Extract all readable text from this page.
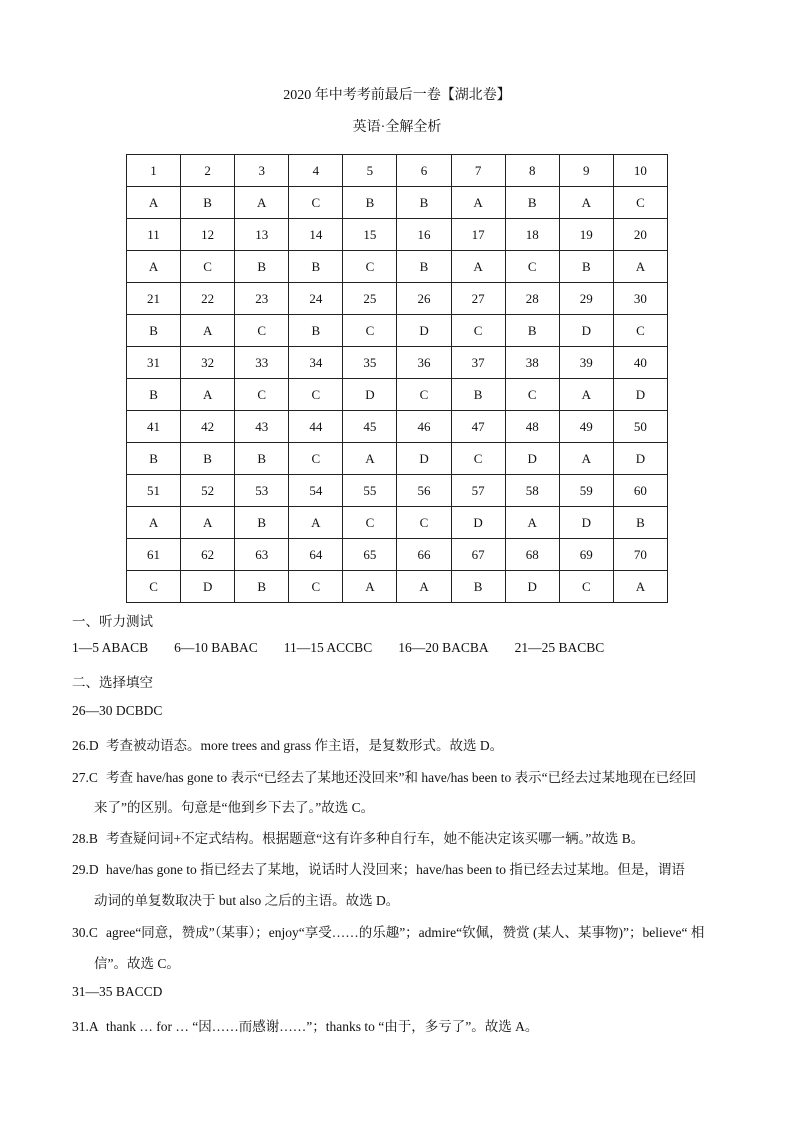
2020 年中考考前最后一卷【湖北卷】
英语·全解全析
1	2	3	4	5	6	7	8	9	10
A	B	A	C	B	B	A	B	A	C
11	12	13	14	15	16	17	18	19	20
A	C	B	B	C	B	A	C	B	A
21	22	23	24	25	26	27	28	29	30
B	A	C	B	C	D	C	B	D	C
31	32	33	34	35	36	37	38	39	40
B	A	C	C	D	C	B	C	A	D
41	42	43	44	45	46	47	48	49	50
B	B	B	C	A	D	C	D	A	D
51	52	53	54	55	56	57	58	59	60
A	A	B	A	C	C	D	A	D	B
61	62	63	64	65	66	67	68	69	70
C	D	B	C	A	A	B	D	C	A
一、听力测试
1—5 ABACB 6—10 BABAC 11—15 ACCBC 16—20 BACBA 21—25 BACBC
二、选择填空
26—30 DCBDC
26.D 考查被动语态。more trees and grass 作主语，是复数形式。故选 D。
27.C 考查 have/has gone to 表示“已经去了某地还没回来”和 have/has been to 表示“已经去过某地现在已经回
来了”的区别。句意是“他到乡下去了。”故选 C。
28.B 考查疑问词+不定式结构。根据题意“这有许多种自行车，她不能决定该买哪一辆。”故选 B。
29.D have/has gone to 指已经去了某地，说话时人没回来；have/has been to 指已经去过某地。但是，谓语
动词的单复数取决于 but also 之后的主语。故选 D。
30.C agree“同意，赞成”（某事）；enjoy“享受……的乐趣”；admire“钦佩，赞赏 (某人、某事物)”；believe“ 相
信”。故选 C。
31—35 BACCD
31.A thank … for … “因……而感谢……”；thanks to “由于，多亏了”。故选 A。
